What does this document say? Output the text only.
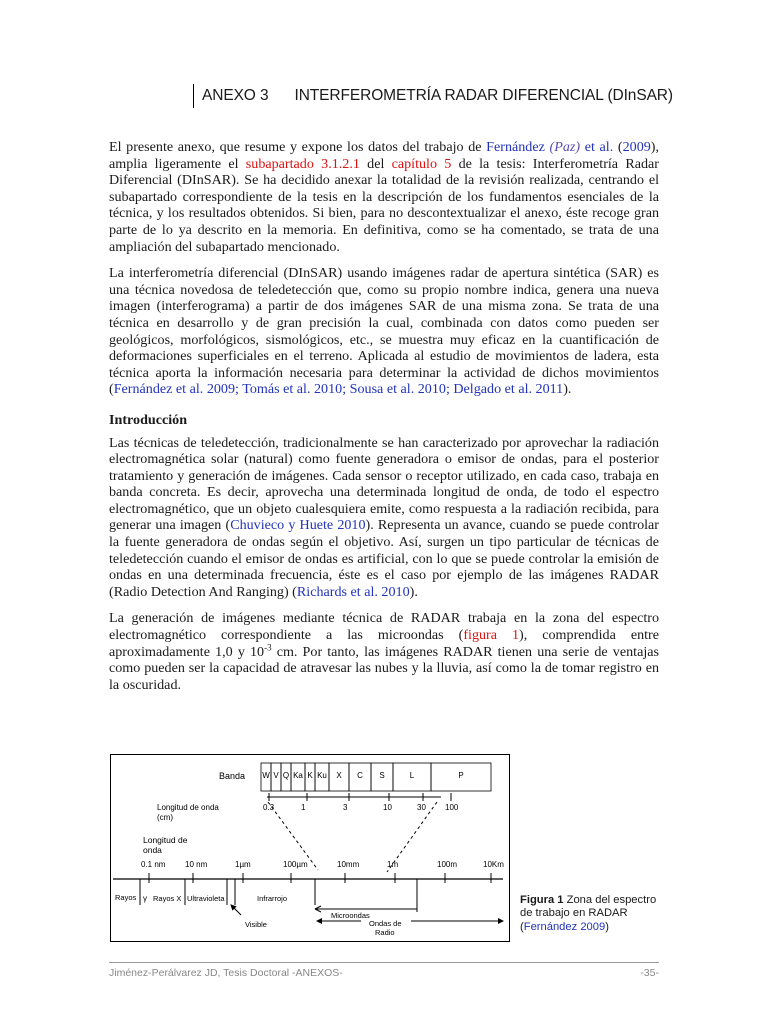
ANEXO 3 INTERFEROMETRÍA RADAR DIFERENCIAL (DInSAR)

El presente anexo, que resume y expone los datos del trabajo de Fernández (Paz) et al. (2009), amplia ligeramente el subapartado 3.1.2.1 del capítulo 5 de la tesis: Interferometría Radar Diferencial (DInSAR). Se ha decidido anexar la totalidad de la revisión realizada, centrando el subapartado correspondiente de la tesis en la descripción de los fundamentos esenciales de la técnica, y los resultados obtenidos. Si bien, para no descontextualizar el anexo, éste recoge gran parte de lo ya descrito en la memoria. En definitiva, como se ha comentado, se trata de una ampliación del subapartado mencionado.

La interferometría diferencial (DInSAR) usando imágenes radar de apertura sintética (SAR) es una técnica novedosa de teledetección que, como su propio nombre indica, genera una nueva imagen (interferograma) a partir de dos imágenes SAR de una misma zona. Se trata de una técnica en desarrollo y de gran precisión la cual, combinada con datos como pueden ser geológicos, morfológicos, sismológicos, etc., se muestra muy eficaz en la cuantificación de deformaciones superficiales en el terreno. Aplicada al estudio de movimientos de ladera, esta técnica aporta la información necesaria para determinar la actividad de dichos movimientos (Fernández et al. 2009; Tomás et al. 2010; Sousa et al. 2010; Delgado et al. 2011).

Introducción

Las técnicas de teledetección, tradicionalmente se han caracterizado por aprovechar la radiación electromagnética solar (natural) como fuente generadora o emisor de ondas, para el posterior tratamiento y generación de imágenes. Cada sensor o receptor utilizado, en cada caso, trabaja en banda concreta. Es decir, aprovecha una determinada longitud de onda, de todo el espectro electromagnético, que un objeto cualesquiera emite, como respuesta a la radiación recibida, para generar una imagen (Chuvieco y Huete 2010). Representa un avance, cuando se puede controlar la fuente generadora de ondas según el objetivo. Así, surgen un tipo particular de técnicas de teledetección cuando el emisor de ondas es artificial, con lo que se puede controlar la emisión de ondas en una determinada frecuencia, éste es el caso por ejemplo de las imágenes RADAR (Radio Detection And Ranging) (Richards et al. 2010).

La generación de imágenes mediante técnica de RADAR trabaja en la zona del espectro electromagnético correspondiente a las microondas (figura 1), comprendida entre aproximadamente 1,0 y $10^{-3}$ cm. Por tanto, las imágenes RADAR tienen una serie de ventajas como pueden ser la capacidad de atravesar las nubes y la lluvia, así como la de tomar registro en la oscuridad.

Banda W V Q Ka K Ku X C S	L	P
Longitud de onda
(cm)
0.3	1	3	10	30 100
Longitud de
onda
0.1 nm 10 nm	1µm	100µm	10mm	1m	100m	10Km
Rayos γ Rayos X Ultravioleta	Infrarrojo
Visible
Microondas
Ondas de
Radio
Figura 1 Zona del espectro de trabajo en RADAR (Fernández 2009)
Jiménez-Perálvarez JD, Tesis Doctoral -ANEXOS-	-35-
